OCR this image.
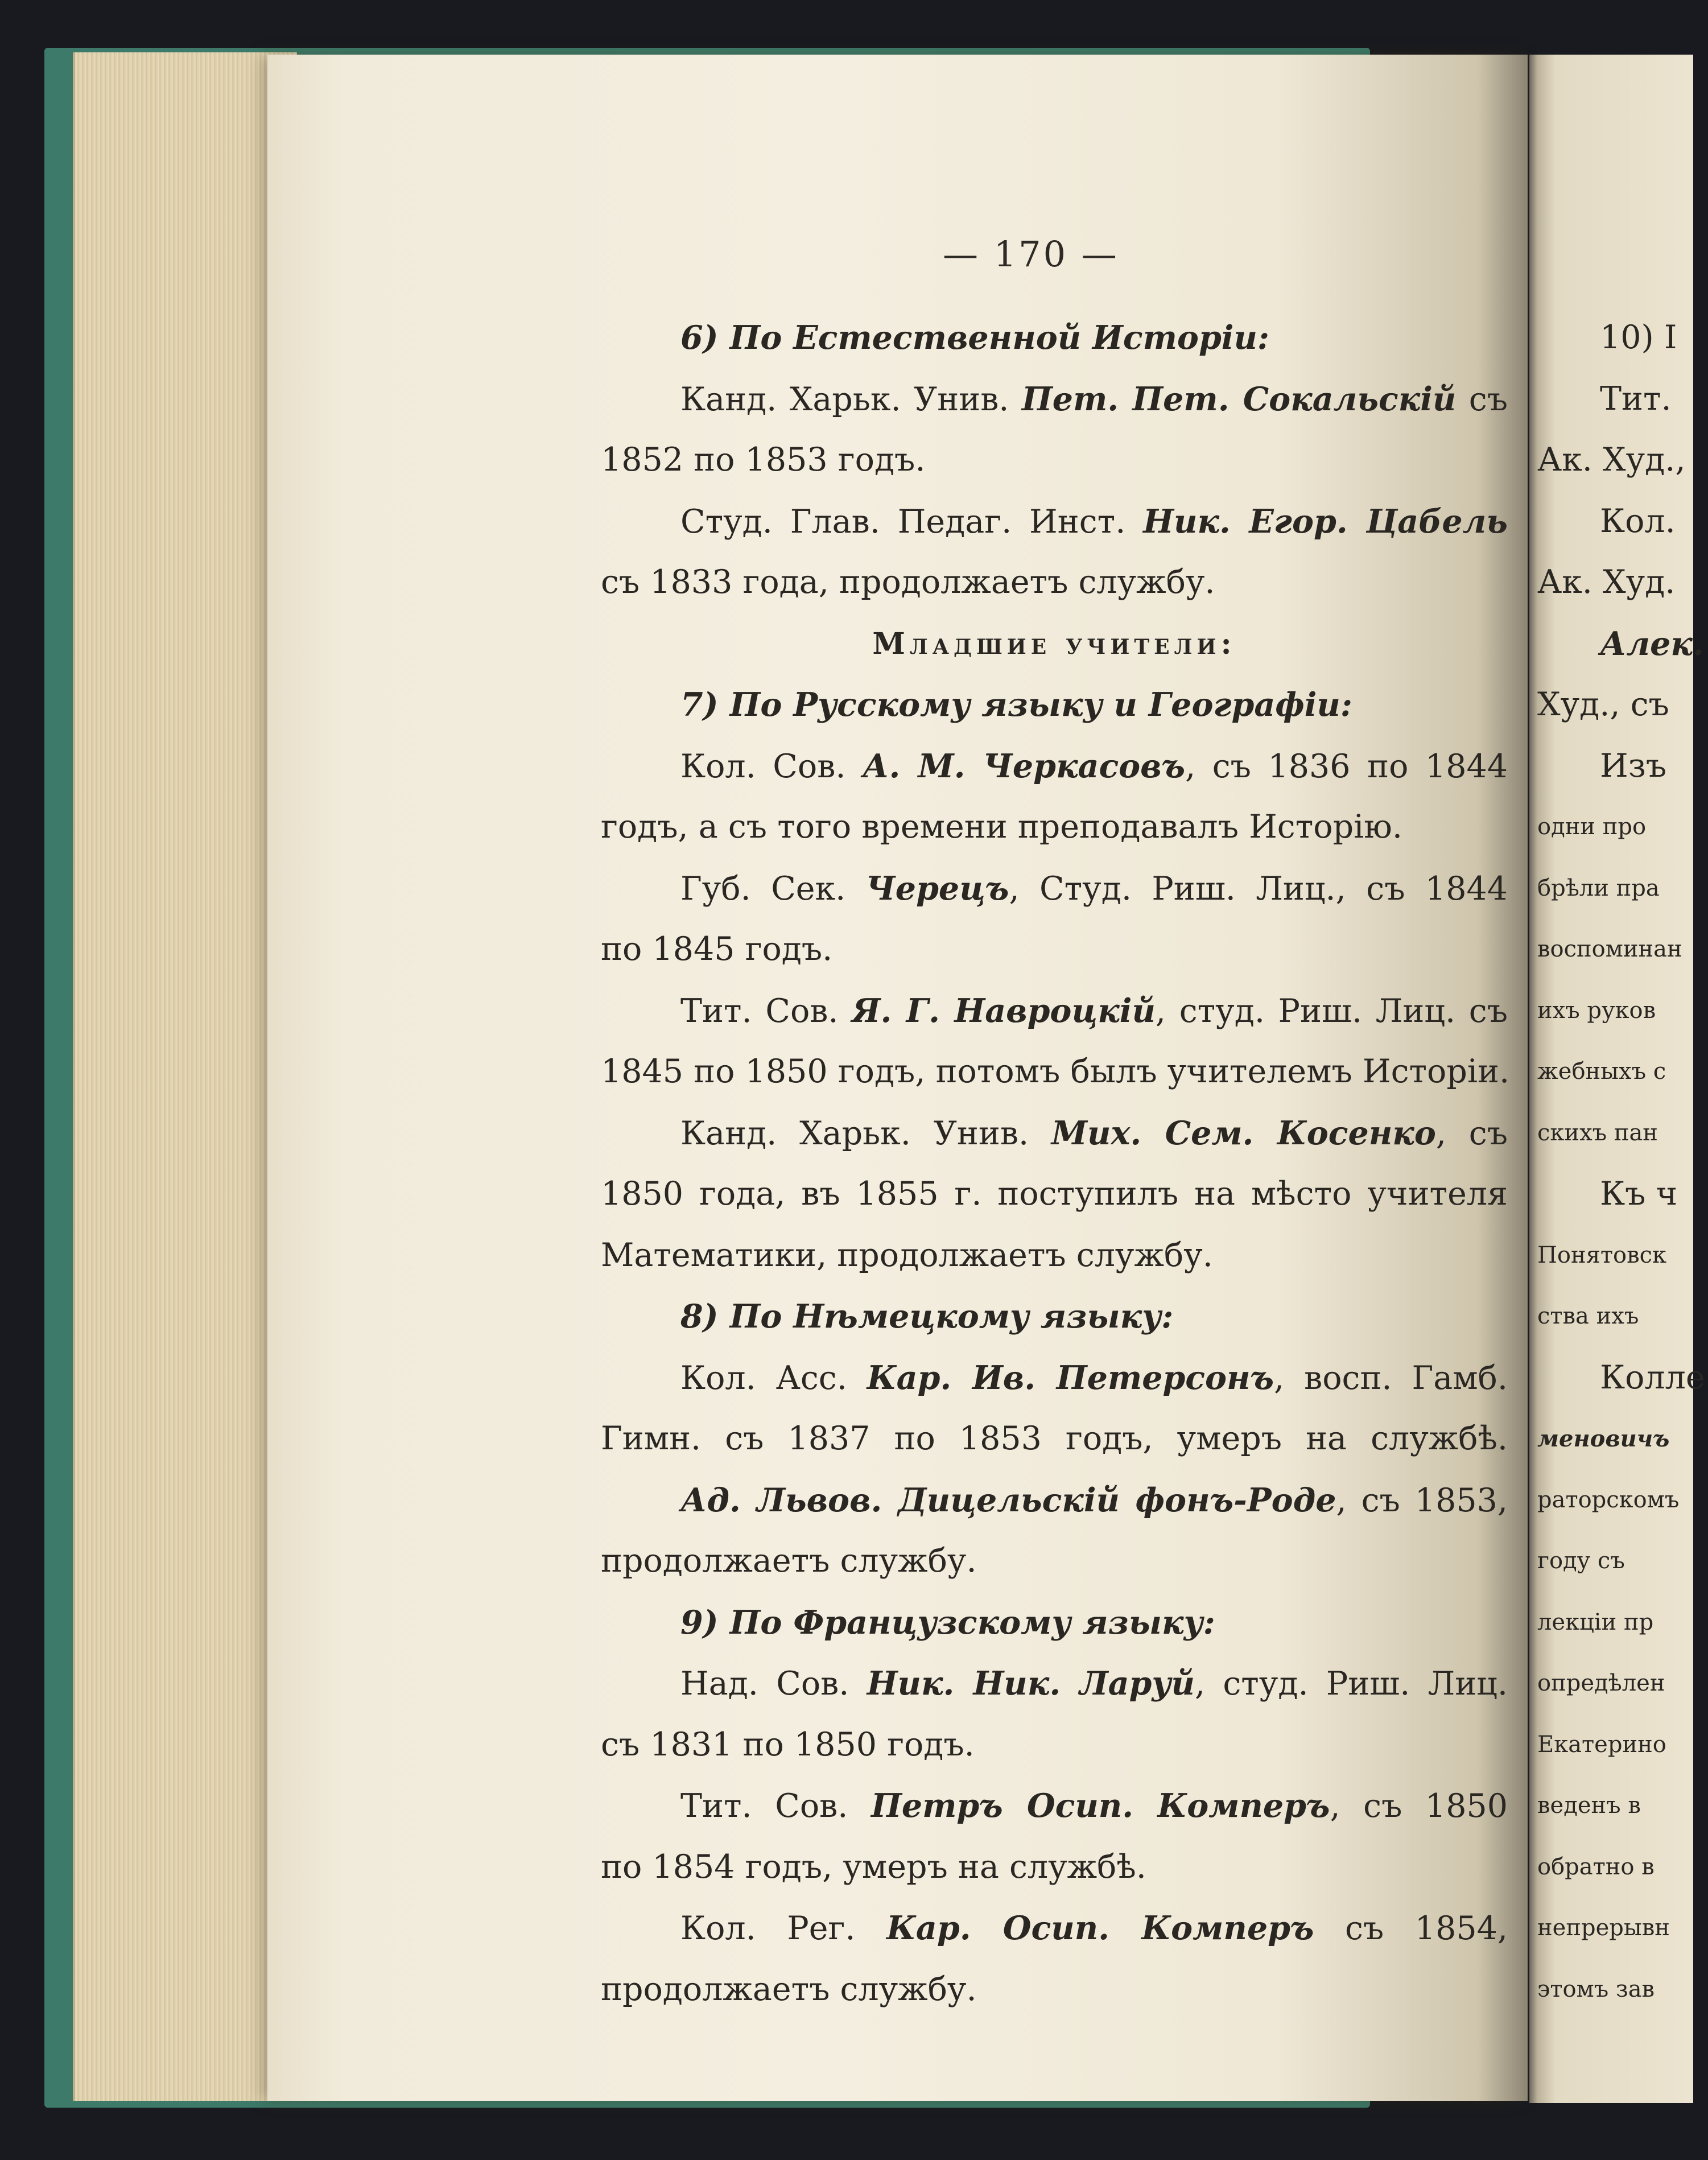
— 170 —
6) По Естественной Исторіи:
Канд. Харьк. Унив. Пет. Пет. Сокальскій съ
1852 по 1853 годъ.
Студ. Глав. Педаг. Инст. Ник. Егор. Цабель
съ 1833 года, продолжаетъ службу.
Младшие учители:
7) По Русскому языку и Географіи:
Кол. Сов. А. М. Черкасовъ, съ 1836 по 1844
годъ, а съ того времени преподавалъ Исторію.
Губ. Сек. Черецъ, Студ. Риш. Лиц., съ 1844
по 1845 годъ.
Тит. Сов. Я. Г. Навроцкій, студ. Риш. Лиц. съ
1845 по 1850 годъ, потомъ былъ учителемъ Исторіи.
Канд. Харьк. Унив. Мих. Сем. Косенко, съ
1850 года, въ 1855 г. поступилъ на мѣсто учителя
Математики, продолжаетъ службу.
8) По Нѣмецкому языку:
Кол. Асс. Кар. Ив. Петерсонъ, восп. Гамб.
Гимн. съ 1837 по 1853 годъ, умеръ на службѣ.
Ад. Львов. Дицельскій фонъ-Роде, съ 1853,
продолжаетъ службу.
9) По Французскому языку:
Над. Сов. Ник. Ник. Ларуй, студ. Риш. Лиц.
съ 1831 по 1850 годъ.
Тит. Сов. Петръ Осип. Комперъ, съ 1850
по 1854 годъ, умеръ на службѣ.
Кол. Рег. Кар. Осип. Комперъ съ 1854,
продолжаетъ службу.
10) I
Тит.
Ак. Худ.,
Кол.
Ак. Худ.
Алек.
Худ., съ
Изъ
одни про
брѣли пра
воспоминан
ихъ руков
жебныхъ с
скихъ пан
Къ ч
Понятовск
ства ихъ
Колле
меновичъ
раторскомъ
году съ
лекціи пр
опредѣлен
Екатерино
веденъ в
обратно в
непрерывн
этомъ зав
